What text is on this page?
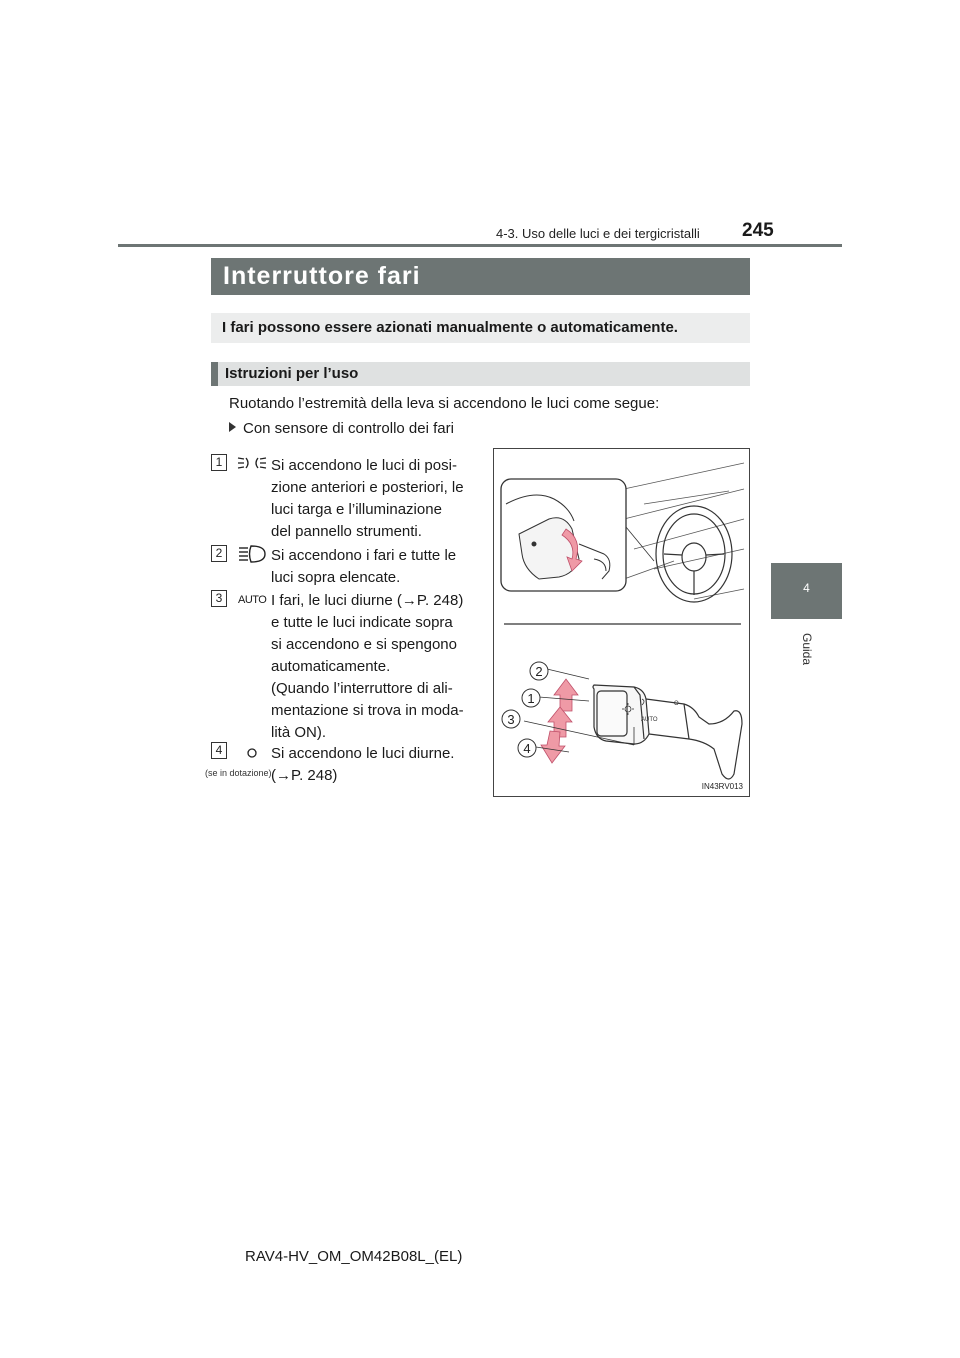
4-3. Uso delle luci e dei tergicristalli 245
4
Guida
Interruttore fari
I fari possono essere azionati manualmente o automaticamente.
Istruzioni per l’uso
Ruotando l’estremità della leva si accendono le luci come segue:
Con sensore di controllo dei fari
1	Si accendono le luci di posi-
zione anteriori e posteriori, le
luci targa e l’illuminazione
del pannello strumenti.
2	Si accendono i fari e tutte le
luci sopra elencate.
3	AUTO I fari, le luci diurne (→P. 248)
e tutte le luci indicate sopra
si accendono e si spengono
automaticamente.
(Quando l’interruttore di ali-
mentazione si trova in moda-
lità ON).
4
(se in dotazione)
Si accendono le luci diurne.
(→P. 248)
AUTO
O
2
1
3
4
IN43RV013
RAV4-HV_OM_OM42B08L_(EL)
